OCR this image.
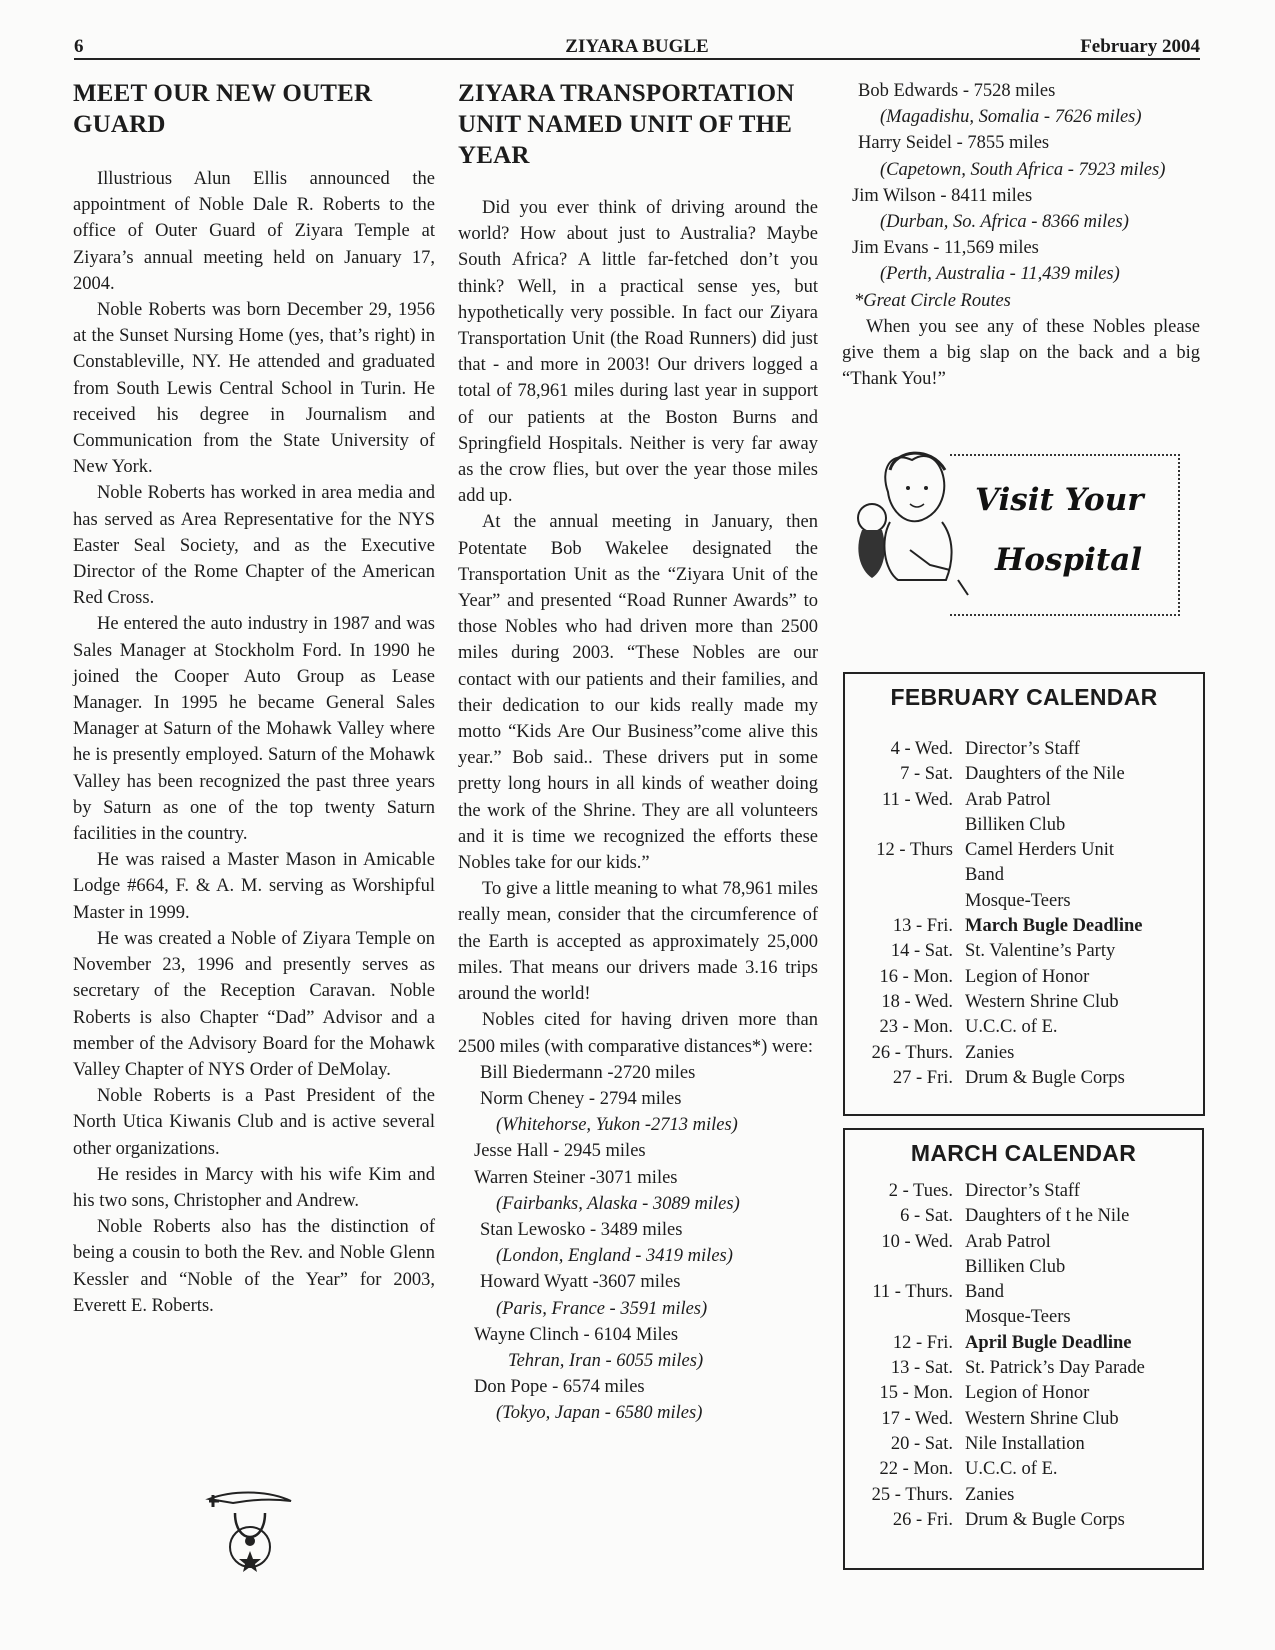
6	ZIYARA BUGLE	February 2004
MEET OUR NEW OUTER GUARD

Illustrious Alun Ellis announced the appointment of Noble Dale R. Roberts to the office of Outer Guard of Ziyara Temple at Ziyara’s annual meeting held on January 17, 2004.

Noble Roberts was born December 29, 1956 at the Sunset Nursing Home (yes, that’s right) in Constableville, NY. He attended and graduated from South Lewis Central School in Turin. He received his degree in Journalism and Communication from the State University of New York.

Noble Roberts has worked in area media and has served as Area Representative for the NYS Easter Seal Society, and as the Executive Director of the Rome Chapter of the American Red Cross.

He entered the auto industry in 1987 and was Sales Manager at Stockholm Ford. In 1990 he joined the Cooper Auto Group as Lease Manager. In 1995 he became General Sales Manager at Saturn of the Mohawk Valley where he is presently employed. Saturn of the Mohawk Valley has been recognized the past three years by Saturn as one of the top twenty Saturn facilities in the country.

He was raised a Master Mason in Amicable Lodge #664, F. & A. M. serving as Worshipful Master in 1999.

He was created a Noble of Ziyara Temple on November 23, 1996 and presently serves as secretary of the Reception Caravan. Noble Roberts is also Chapter “Dad” Advisor and a member of the Advisory Board for the Mohawk Valley Chapter of NYS Order of DeMolay.

Noble Roberts is a Past President of the North Utica Kiwanis Club and is active several other organizations.

He resides in Marcy with his wife Kim and his two sons, Christopher and Andrew.

Noble Roberts also has the distinction of being a cousin to both the Rev. and Noble Glenn Kessler and “Noble of the Year” for 2003, Everett E. Roberts.

ZIYARA TRANSPORTATION UNIT NAMED UNIT OF THE YEAR

Did you ever think of driving around the world? How about just to Australia? Maybe South Africa? A little far-fetched don’t you think? Well, in a practical sense yes, but hypothetically very possible. In fact our Ziyara Transportation Unit (the Road Runners) did just that - and more in 2003! Our drivers logged a total of 78,961 miles during last year in support of our patients at the Boston Burns and Springfield Hospitals. Neither is very far away as the crow flies, but over the year those miles add up.

At the annual meeting in January, then Potentate Bob Wakelee designated the Transportation Unit as the “Ziyara Unit of the Year” and presented “Road Runner Awards” to those Nobles who had driven more than 2500 miles during 2003. “These Nobles are our contact with our patients and their families, and their dedication to our kids really made my motto “Kids Are Our Business”come alive this year.” Bob said.. These drivers put in some pretty long hours in all kinds of weather doing the work of the Shrine. They are all volunteers and it is time we recognized the efforts these Nobles take for our kids.”

To give a little meaning to what 78,961 miles really mean, consider that the circumference of the Earth is accepted as approximately 25,000 miles. That means our drivers made 3.16 trips around the world!

Nobles cited for having driven more than 2500 miles (with comparative distances*) were:

Bill Biedermann -2720 miles
Norm Cheney - 2794 miles
(Whitehorse, Yukon -2713 miles)
Jesse Hall - 2945 miles
Warren Steiner -3071 miles
(Fairbanks, Alaska - 3089 miles)
Stan Lewosko - 3489 miles
(London, England - 3419 miles)
Howard Wyatt -3607 miles
(Paris, France - 3591 miles)
Wayne Clinch - 6104 Miles
Tehran, Iran - 6055 miles)
Don Pope - 6574 miles
(Tokyo, Japan - 6580 miles)
Bob Edwards - 7528 miles
(Magadishu, Somalia - 7626 miles)
Harry Seidel - 7855 miles
(Capetown, South Africa - 7923 miles)
Jim Wilson - 8411 miles
(Durban, So. Africa - 8366 miles)
Jim Evans - 11,569 miles
(Perth, Australia - 11,439 miles)
*Great Circle Routes

When you see any of these Nobles please give them a big slap on the back and a big “Thank You!”

Visit Your
Hospital
FEBRUARY CALENDAR
4 - Wed. Director’s Staff
7 - Sat. Daughters of the Nile
11 - Wed. Arab Patrol
Billiken Club
12 - Thurs Camel Herders Unit
Band
Mosque-Teers
13 - Fri. March Bugle Deadline
14 - Sat. St. Valentine’s Party
16 - Mon. Legion of Honor
18 - Wed. Western Shrine Club
23 - Mon. U.C.C. of E.
26 - Thurs. Zanies
27 - Fri. Drum & Bugle Corps
MARCH CALENDAR
2 - Tues. Director’s Staff
6 - Sat. Daughters of t he Nile
10 - Wed. Arab Patrol
Billiken Club
11 - Thurs. Band
Mosque-Teers
12 - Fri. April Bugle Deadline
13 - Sat. St. Patrick’s Day Parade
15 - Mon. Legion of Honor
17 - Wed. Western Shrine Club
20 - Sat. Nile Installation
22 - Mon. U.C.C. of E.
25 - Thurs. Zanies
26 - Fri. Drum & Bugle Corps
